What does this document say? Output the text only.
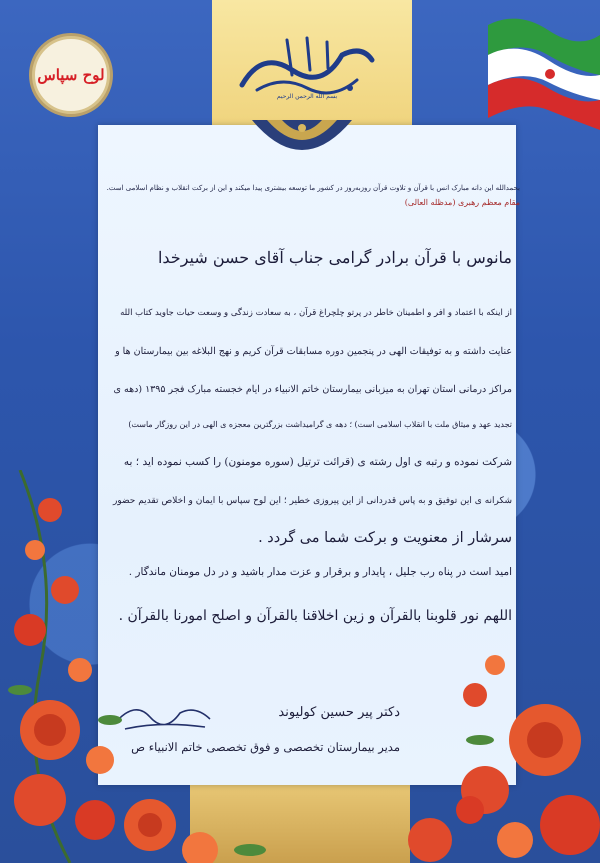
لوح سپاس
بسم الله الرحمن الرحیم
بحمدالله این دانه مبارک انس با قرآن و تلاوت قرآن روزبه‌روز در کشور ما توسعه بیشتری پیدا میکند و این از برکت انقلاب و نظام اسلامی است.
مقام معظم رهبری (مدظله العالی)
مانوس با قرآن برادر گرامی جناب آقای حسن شیرخدا
از اینکه با اعتماد و افر و اطمینان خاطر در پرتو چلچراغ قرآن ، به سعادت زندگی و وسعت حیات جاوید کتاب الله
عنایت داشته و به توفیقات الهی در پنجمین دوره مسابقات قرآن کریم و نهج البلاغه بین بیمارستان ها و
مراکز درمانی استان تهران به میزبانی بیمارستان خاتم الانبیاء در ایام خجسته مبارک فجر ۱۳۹۵ (دهه ی
تجدید عهد و میثاق ملت با انقلاب اسلامی است) ؛ دهه ی گرامیداشت بزرگترین معجزه ی الهی در این روزگار ماست)
شرکت نموده و رتبه ی اول رشته ی (قرائت ترتیل (سوره مومنون) را کسب نموده اید ؛ به
شکرانه ی این توفیق و به پاس قدردانی از این پیروزی خطیر ؛ این لوح سپاس با ایمان و اخلاص تقدیم حضور
سرشار از معنویت و برکت شما می گردد .
امید است در پناه رب جلیل ، پایدار و برقرار و عزت مدار باشید و در دل مومنان ماندگار .
اللهم نور قلوبنا بالقرآن و زین اخلاقنا بالقرآن و اصلح امورنا بالقرآن .
دکتر پیر حسین کولیوند
مدیر بیمارستان تخصصی و فوق تخصصی خاتم الانبیاء ص
